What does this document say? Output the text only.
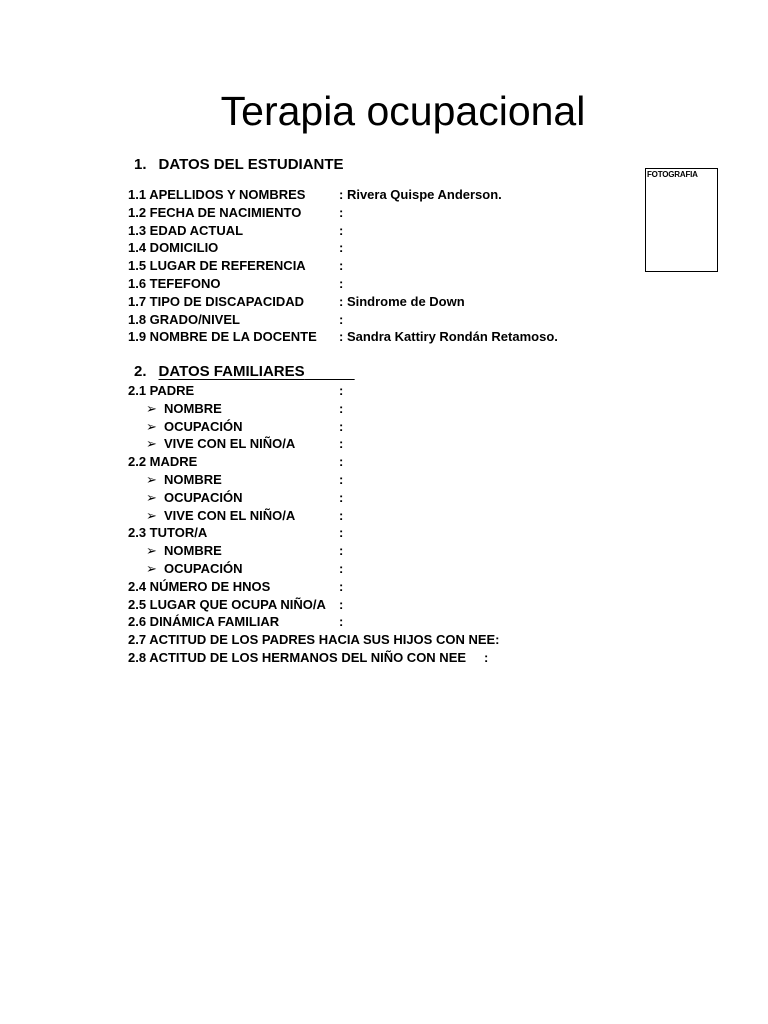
Terapia ocupacional
1. DATOS DEL ESTUDIANTE
FOTOGRAFIA
1.1 APELLIDOS Y NOMBRES	: Rivera Quispe Anderson.
1.2 FECHA DE NACIMIENTO	:
1.3 EDAD ACTUAL	:
1.4 DOMICILIO	:
1.5 LUGAR DE REFERENCIA	:
1.6 TEFEFONO	:
1.7 TIPO DE DISCAPACIDAD	: Sindrome de Down
1.8 GRADO/NIVEL	:
1.9 NOMBRE DE LA DOCENTE : Sandra Kattiry Rondán Retamoso.
2. DATOS FAMILIARES
2.1 PADRE	:
➢ NOMBRE	:
➢ OCUPACIÓN	:
➢ VIVE CON EL NIÑO/A	:
2.2 MADRE	:
➢ NOMBRE	:
➢ OCUPACIÓN	:
➢ VIVE CON EL NIÑO/A	:
2.3 TUTOR/A	:
➢ NOMBRE	:
➢ OCUPACIÓN	:
2.4 NÚMERO DE HNOS	:
2.5 LUGAR QUE OCUPA NIÑO/A :
2.6 DINÁMICA FAMILIAR	:
2.7 ACTITUD DE LOS PADRES HACIA SUS HIJOS CON NEE:
2.8 ACTITUD DE LOS HERMANOS DEL NIÑO CON NEE :
